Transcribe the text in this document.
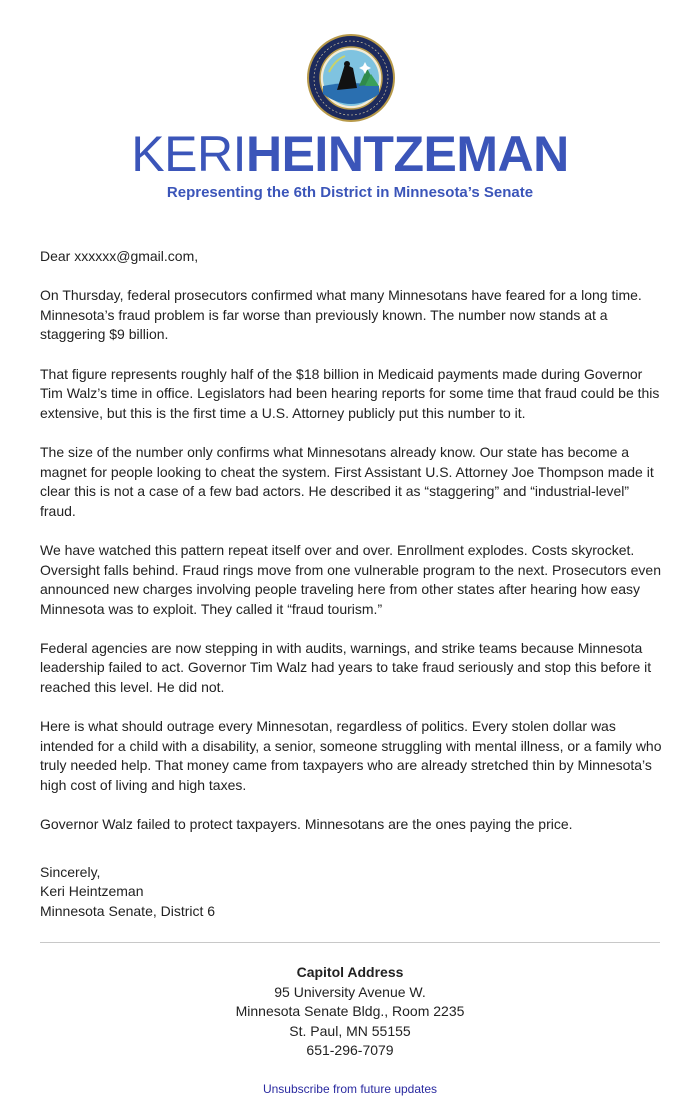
KERIHEINTZEMAN
Representing the 6th District in Minnesota’s Senate

Dear xxxxxx@gmail.com,

On Thursday, federal prosecutors confirmed what many Minnesotans have feared for a long time. Minnesota’s fraud problem is far worse than previously known. The number now stands at a staggering $9 billion.

That figure represents roughly half of the $18 billion in Medicaid payments made during Governor Tim Walz’s time in office. Legislators had been hearing reports for some time that fraud could be this extensive, but this is the first time a U.S. Attorney publicly put this number to it.

The size of the number only confirms what Minnesotans already know. Our state has become a magnet for people looking to cheat the system. First Assistant U.S. Attorney Joe Thompson made it clear this is not a case of a few bad actors. He described it as “staggering” and “industrial-level” fraud.

We have watched this pattern repeat itself over and over. Enrollment explodes. Costs skyrocket. Oversight falls behind. Fraud rings move from one vulnerable program to the next. Prosecutors even announced new charges involving people traveling here from other states after hearing how easy Minnesota was to exploit. They called it “fraud tourism.”

Federal agencies are now stepping in with audits, warnings, and strike teams because Minnesota leadership failed to act. Governor Tim Walz had years to take fraud seriously and stop this before it reached this level. He did not.

Here is what should outrage every Minnesotan, regardless of politics. Every stolen dollar was intended for a child with a disability, a senior, someone struggling with mental illness, or a family who truly needed help. That money came from taxpayers who are already stretched thin by Minnesota’s high cost of living and high taxes.

Governor Walz failed to protect taxpayers. Minnesotans are the ones paying the price.

Sincerely,
Keri Heintzeman
Minnesota Senate, District 6
Capitol Address
95 University Avenue W.
Minnesota Senate Bldg., Room 2235
St. Paul, MN 55155
651-296-7079
Unsubscribe from future updates
